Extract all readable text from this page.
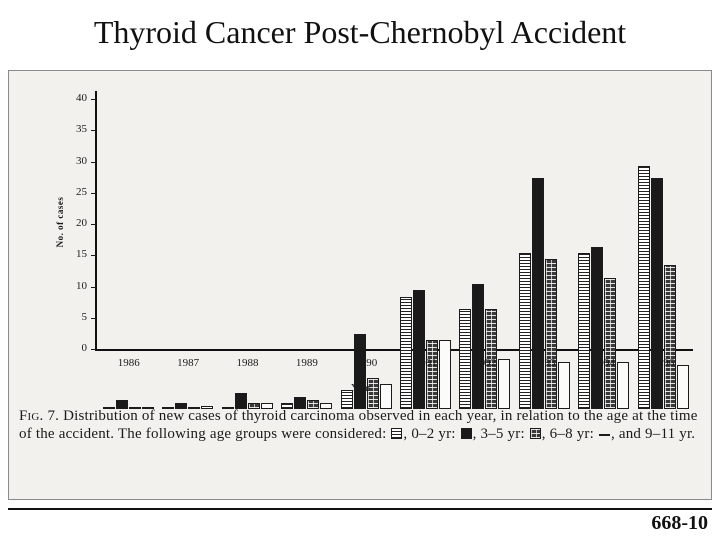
Thyroid Cancer Post-Chernobyl Accident
No. of cases
0
5
10
15
20
25
30
35
40
1986	1987	1988	1989	1990	1991	1992	1993	1994	1996
Year
Fig. 7. Distribution of new cases of thyroid carcinoma observed in each year, in relation to the age at the time of the accident. The following age groups were considered: , 0–2 yr: , 3–5 yr: , 6–8 yr: , and 9–11 yr.
668-10
